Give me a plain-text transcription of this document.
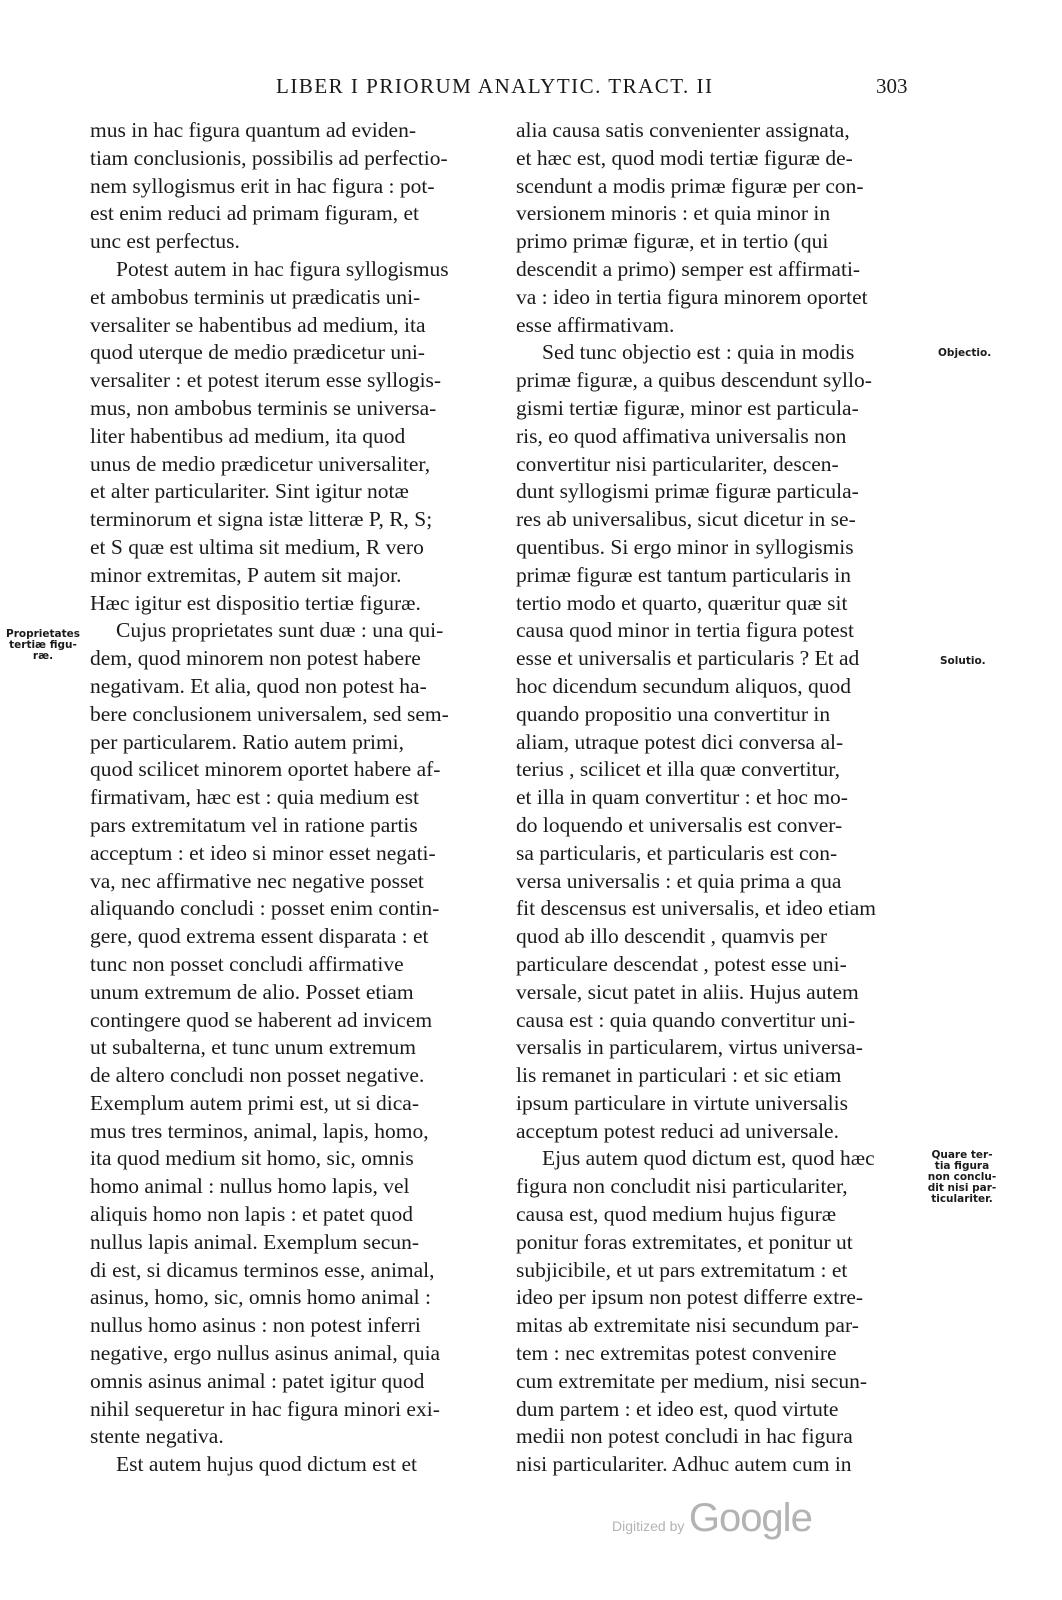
LIBER I PRIORUM ANALYTIC. TRACT. II	303
mus in hac figura quantum ad eviden-
tiam conclusionis, possibilis ad perfectio-
nem syllogismus erit in hac figura : pot-
est enim reduci ad primam figuram, et
unc est perfectus.
Potest autem in hac figura syllogismus
et ambobus terminis ut prædicatis uni-
versaliter se habentibus ad medium, ita
quod uterque de medio prædicetur uni-
versaliter : et potest iterum esse syllogis-
mus, non ambobus terminis se universa-
liter habentibus ad medium, ita quod
unus de medio prædicetur universaliter,
et alter particulariter. Sint igitur notæ
terminorum et signa istæ litteræ P, R, S;
et S quæ est ultima sit medium, R vero
minor extremitas, P autem sit major.
Hæc igitur est dispositio tertiæ figuræ.
Cujus proprietates sunt duæ : una qui-
dem, quod minorem non potest habere
negativam. Et alia, quod non potest ha-
bere conclusionem universalem, sed sem-
per particularem. Ratio autem primi,
quod scilicet minorem oportet habere af-
firmativam, hæc est : quia medium est
pars extremitatum vel in ratione partis
acceptum : et ideo si minor esset negati-
va, nec affirmative nec negative posset
aliquando concludi : posset enim contin-
gere, quod extrema essent disparata : et
tunc non posset concludi affirmative
unum extremum de alio. Posset etiam
contingere quod se haberent ad invicem
ut subalterna, et tunc unum extremum
de altero concludi non posset negative.
Exemplum autem primi est, ut si dica-
mus tres terminos, animal, lapis, homo,
ita quod medium sit homo, sic, omnis
homo animal : nullus homo lapis, vel
aliquis homo non lapis : et patet quod
nullus lapis animal. Exemplum secun-
di est, si dicamus terminos esse, animal,
asinus, homo, sic, omnis homo animal :
nullus homo asinus : non potest inferri
negative, ergo nullus asinus animal, quia
omnis asinus animal : patet igitur quod
nihil sequeretur in hac figura minori exi-
stente negativa.
Est autem hujus quod dictum est et
alia causa satis convenienter assignata,
et hæc est, quod modi tertiæ figuræ de-
scendunt a modis primæ figuræ per con-
versionem minoris : et quia minor in
primo primæ figuræ, et in tertio (qui
descendit a primo) semper est affirmati-
va : ideo in tertia figura minorem oportet
esse affirmativam.
Sed tunc objectio est : quia in modis
primæ figuræ, a quibus descendunt syllo-
gismi tertiæ figuræ, minor est particula-
ris, eo quod affimativa universalis non
convertitur nisi particulariter, descen-
dunt syllogismi primæ figuræ particula-
res ab universalibus, sicut dicetur in se-
quentibus. Si ergo minor in syllogismis
primæ figuræ est tantum particularis in
tertio modo et quarto, quæritur quæ sit
causa quod minor in tertia figura potest
esse et universalis et particularis ? Et ad
hoc dicendum secundum aliquos, quod
quando propositio una convertitur in
aliam, utraque potest dici conversa al-
terius , scilicet et illa quæ convertitur,
et illa in quam convertitur : et hoc mo-
do loquendo et universalis est conver-
sa particularis, et particularis est con-
versa universalis : et quia prima a qua
fit descensus est universalis, et ideo etiam
quod ab illo descendit , quamvis per
particulare descendat , potest esse uni-
versale, sicut patet in aliis. Hujus autem
causa est : quia quando convertitur uni-
versalis in particularem, virtus universa-
lis remanet in particulari : et sic etiam
ipsum particulare in virtute universalis
acceptum potest reduci ad universale.
Ejus autem quod dictum est, quod hæc
figura non concludit nisi particulariter,
causa est, quod medium hujus figuræ
ponitur foras extremitates, et ponitur ut
subjicibile, et ut pars extremitatum : et
ideo per ipsum non potest differre extre-
mitas ab extremitate nisi secundum par-
tem : nec extremitas potest convenire
cum extremitate per medium, nisi secun-
dum partem : et ideo est, quod virtute
medii non potest concludi in hac figura
nisi particulariter. Adhuc autem cum in
Proprietates
tertiæ figu-
ræ.
Objectio.
Solutio.
Quare ter-
tia figura
non conclu-
dit nisi par-
ticulariter.
Digitized by Google
